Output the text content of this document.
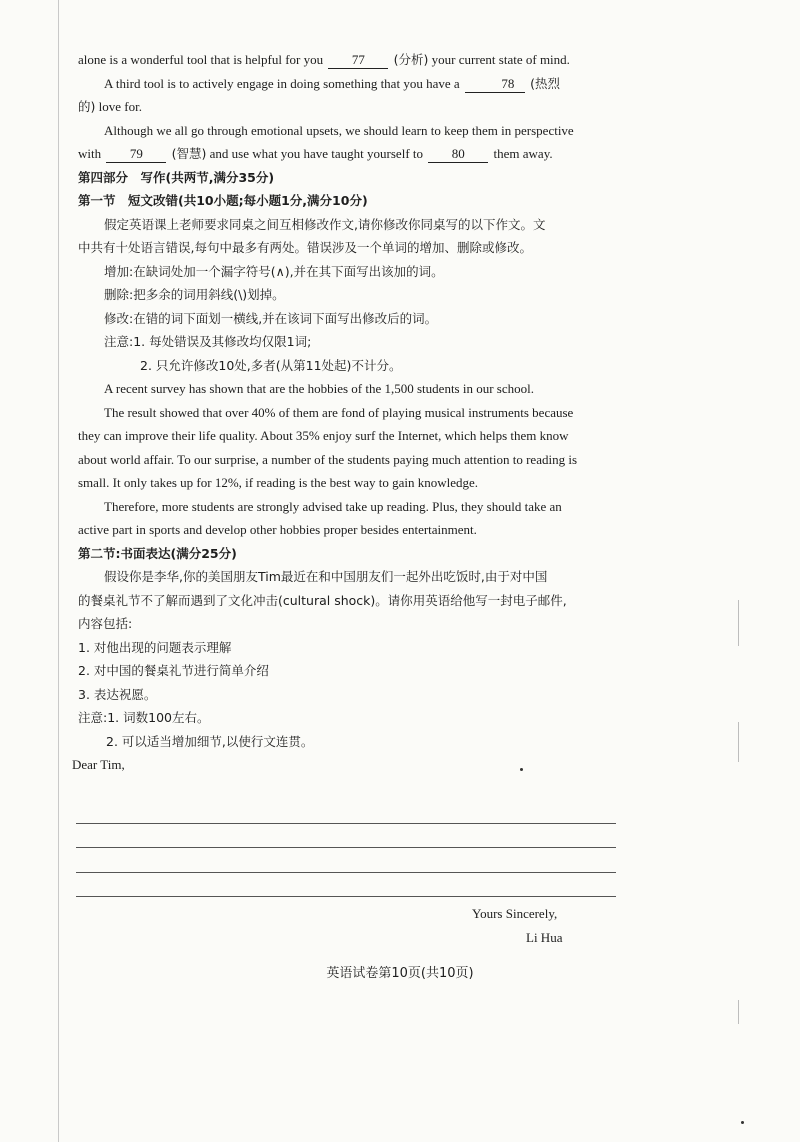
alone is a wonderful tool that is helpful for you 77 (分析) your current state of mind.
A third tool is to actively engage in doing something that you have a	78 (热烈
的) love for.
Although we all go through emotional upsets, we should learn to keep them in perspective
with 79 (智慧) and use what you have taught yourself to 80 them away.
第四部分　写作(共两节,满分35分)
第一节　短文改错(共10小题;每小题1分,满分10分)
假定英语课上老师要求同桌之间互相修改作文,请你修改你同桌写的以下作文。文
中共有十处语言错误,每句中最多有两处。错误涉及一个单词的增加、删除或修改。
增加:在缺词处加一个漏字符号(∧),并在其下面写出该加的词。
删除:把多余的词用斜线(\)划掉。
修改:在错的词下面划一横线,并在该词下面写出修改后的词。
注意:1. 每处错误及其修改均仅限1词;
2. 只允许修改10处,多者(从第11处起)不计分。
A recent survey has shown that are the hobbies of the 1,500 students in our school.
The result showed that over 40% of them are fond of playing musical instruments because
they can improve their life quality. About 35% enjoy surf the Internet, which helps them know
about world affair. To our surprise, a number of the students paying much attention to reading is
small. It only takes up for 12%, if reading is the best way to gain knowledge.
Therefore, more students are strongly advised take up reading. Plus, they should take an
active part in sports and develop other hobbies proper besides entertainment.
第二节:书面表达(满分25分)
假设你是李华,你的美国朋友Tim最近在和中国朋友们一起外出吃饭时,由于对中国
的餐桌礼节不了解而遇到了文化冲击(cultural shock)。请你用英语给他写一封电子邮件,
内容包括:
1. 对他出现的问题表示理解
2. 对中国的餐桌礼节进行简单介绍
3. 表达祝愿。
注意:1. 词数100左右。
2. 可以适当增加细节,以使行文连贯。
Dear Tim,
Yours Sincerely,
Li Hua
英语试卷第10页(共10页)
